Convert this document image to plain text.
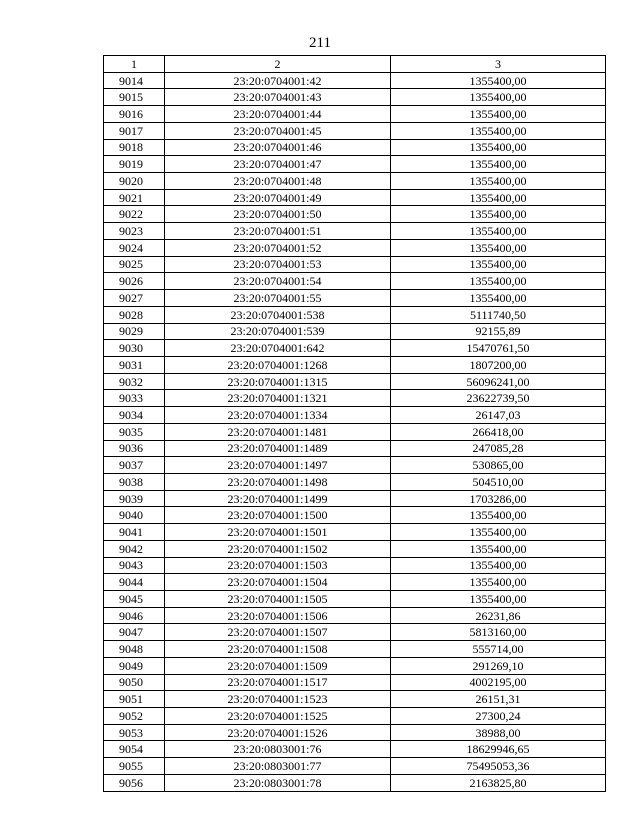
211
1	2	3
9014	23:20:0704001:42	1355400,00
9015	23:20:0704001:43	1355400,00
9016	23:20:0704001:44	1355400,00
9017	23:20:0704001:45	1355400,00
9018	23:20:0704001:46	1355400,00
9019	23:20:0704001:47	1355400,00
9020	23:20:0704001:48	1355400,00
9021	23:20:0704001:49	1355400,00
9022	23:20:0704001:50	1355400,00
9023	23:20:0704001:51	1355400,00
9024	23:20:0704001:52	1355400,00
9025	23:20:0704001:53	1355400,00
9026	23:20:0704001:54	1355400,00
9027	23:20:0704001:55	1355400,00
9028	23:20:0704001:538	5111740,50
9029	23:20:0704001:539	92155,89
9030	23:20:0704001:642	15470761,50
9031	23:20:0704001:1268	1807200,00
9032	23:20:0704001:1315	56096241,00
9033	23:20:0704001:1321	23622739,50
9034	23:20:0704001:1334	26147,03
9035	23:20:0704001:1481	266418,00
9036	23:20:0704001:1489	247085,28
9037	23:20:0704001:1497	530865,00
9038	23:20:0704001:1498	504510,00
9039	23:20:0704001:1499	1703286,00
9040	23:20:0704001:1500	1355400,00
9041	23:20:0704001:1501	1355400,00
9042	23:20:0704001:1502	1355400,00
9043	23:20:0704001:1503	1355400,00
9044	23:20:0704001:1504	1355400,00
9045	23:20:0704001:1505	1355400,00
9046	23:20:0704001:1506	26231,86
9047	23:20:0704001:1507	5813160,00
9048	23:20:0704001:1508	555714,00
9049	23:20:0704001:1509	291269,10
9050	23:20:0704001:1517	4002195,00
9051	23:20:0704001:1523	26151,31
9052	23:20:0704001:1525	27300,24
9053	23:20:0704001:1526	38988,00
9054	23:20:0803001:76	18629946,65
9055	23:20:0803001:77	75495053,36
9056	23:20:0803001:78	2163825,80
